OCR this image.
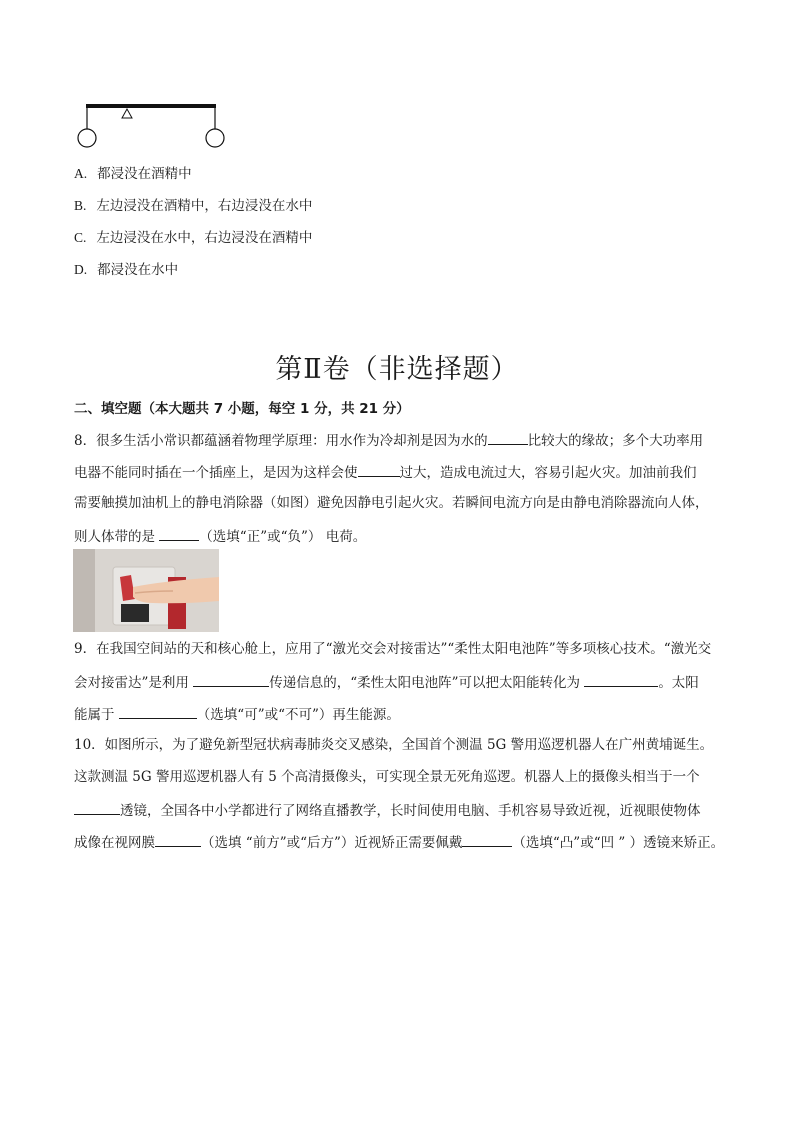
A. 都浸没在酒精中
B. 左边浸没在酒精中，右边浸没在水中
C. 左边浸没在水中，右边浸没在酒精中
D. 都浸没在水中
第Ⅱ卷（非选择题）
二、填空题（本大题共 7 小题，每空 1 分，共 21 分）
8．很多生活小常识都蕴涵着物理学原理：用水作为冷却剂是因为水的	比较大的缘故；多个大功率用
电器不能同时插在一个插座上，是因为这样会使	过大，造成电流过大，容易引起火灾。加油前我们
需要触摸加油机上的静电消除器（如图）避免因静电引起火灾。若瞬间电流方向是由静电消除器流向人体，
则人体带的是	（选填“正”或“负”） 电荷。
9．在我国空间站的天和核心舱上，应用了“激光交会对接雷达”“柔性太阳电池阵”等多项核心技术。“激光交
会对接雷达”是利用	传递信息的，“柔性太阳电池阵”可以把太阳能转化为	。太阳
能属于	（选填“可”或“不可”）再生能源。
10．如图所示，为了避免新型冠状病毒肺炎交叉感染，全国首个测温 5G 警用巡逻机器人在广州黄埔诞生。
这款测温 5G 警用巡逻机器人有 5 个高清摄像头，可实现全景无死角巡逻。机器人上的摄像头相当于一个
透镜，全国各中小学都进行了网络直播教学，长时间使用电脑、手机容易导致近视，近视眼使物体
成像在视网膜	（选填 “前方”或“后方”）近视矫正需要佩戴	（选填“凸”或“凹 ” ）透镜来矫正。
